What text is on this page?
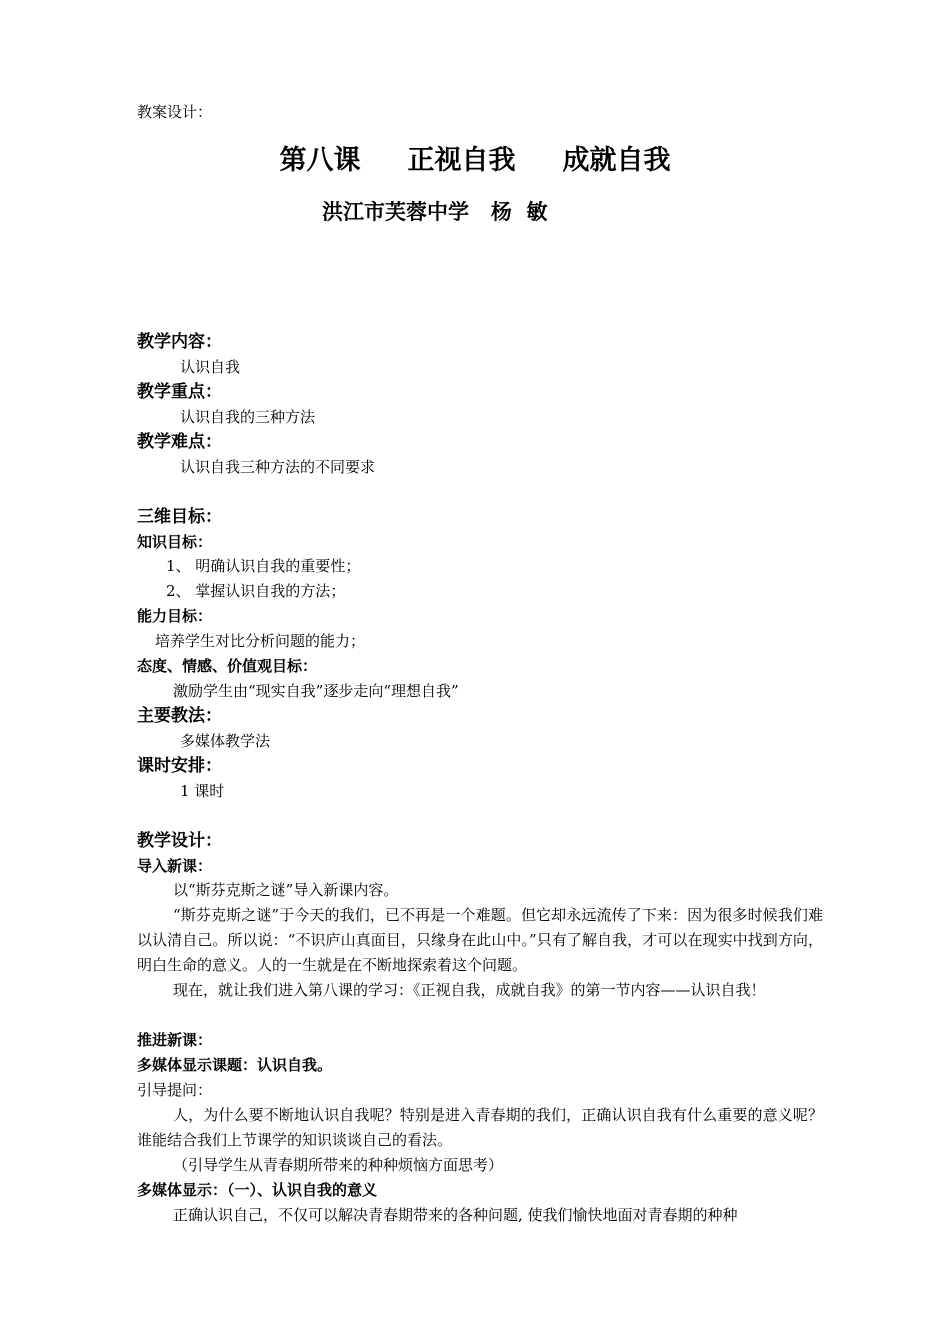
教案设计：
第八课     正视自我     成就自我
洪江市芙蓉中学   杨  敏
教学内容：
认识自我
教学重点：
认识自我的三种方法
教学难点：
认识自我三种方法的不同要求
三维目标：
知识目标：
1、 明确认识自我的重要性；
2、 掌握认识自我的方法；
能力目标：
培养学生对比分析问题的能力；
态度、情感、价值观目标：
激励学生由“现实自我”逐步走向“理想自我”
主要教法：
多媒体教学法
课时安排：
1 课时
教学设计：
导入新课：
以“斯芬克斯之谜”导入新课内容。
“斯芬克斯之谜”于今天的我们，已不再是一个难题。但它却永远流传了下来：因为很多时候我们难以认清自己。所以说：“不识庐山真面目，只缘身在此山中。”只有了解自我，才可以在现实中找到方向，明白生命的意义。人的一生就是在不断地探索着这个问题。
现在，就让我们进入第八课的学习：《正视自我，成就自我》的第一节内容——认识自我！
推进新课：
多媒体显示课题：认识自我。
引导提问：
人，为什么要不断地认识自我呢？特别是进入青春期的我们，正确认识自我有什么重要的意义呢？谁能结合我们上节课学的知识谈谈自己的看法。
（引导学生从青春期所带来的种种烦恼方面思考）
多媒体显示：（一）、认识自我的意义
正确认识自己，不仅可以解决青春期带来的各种问题, 使我们愉快地面对青春期的种种
